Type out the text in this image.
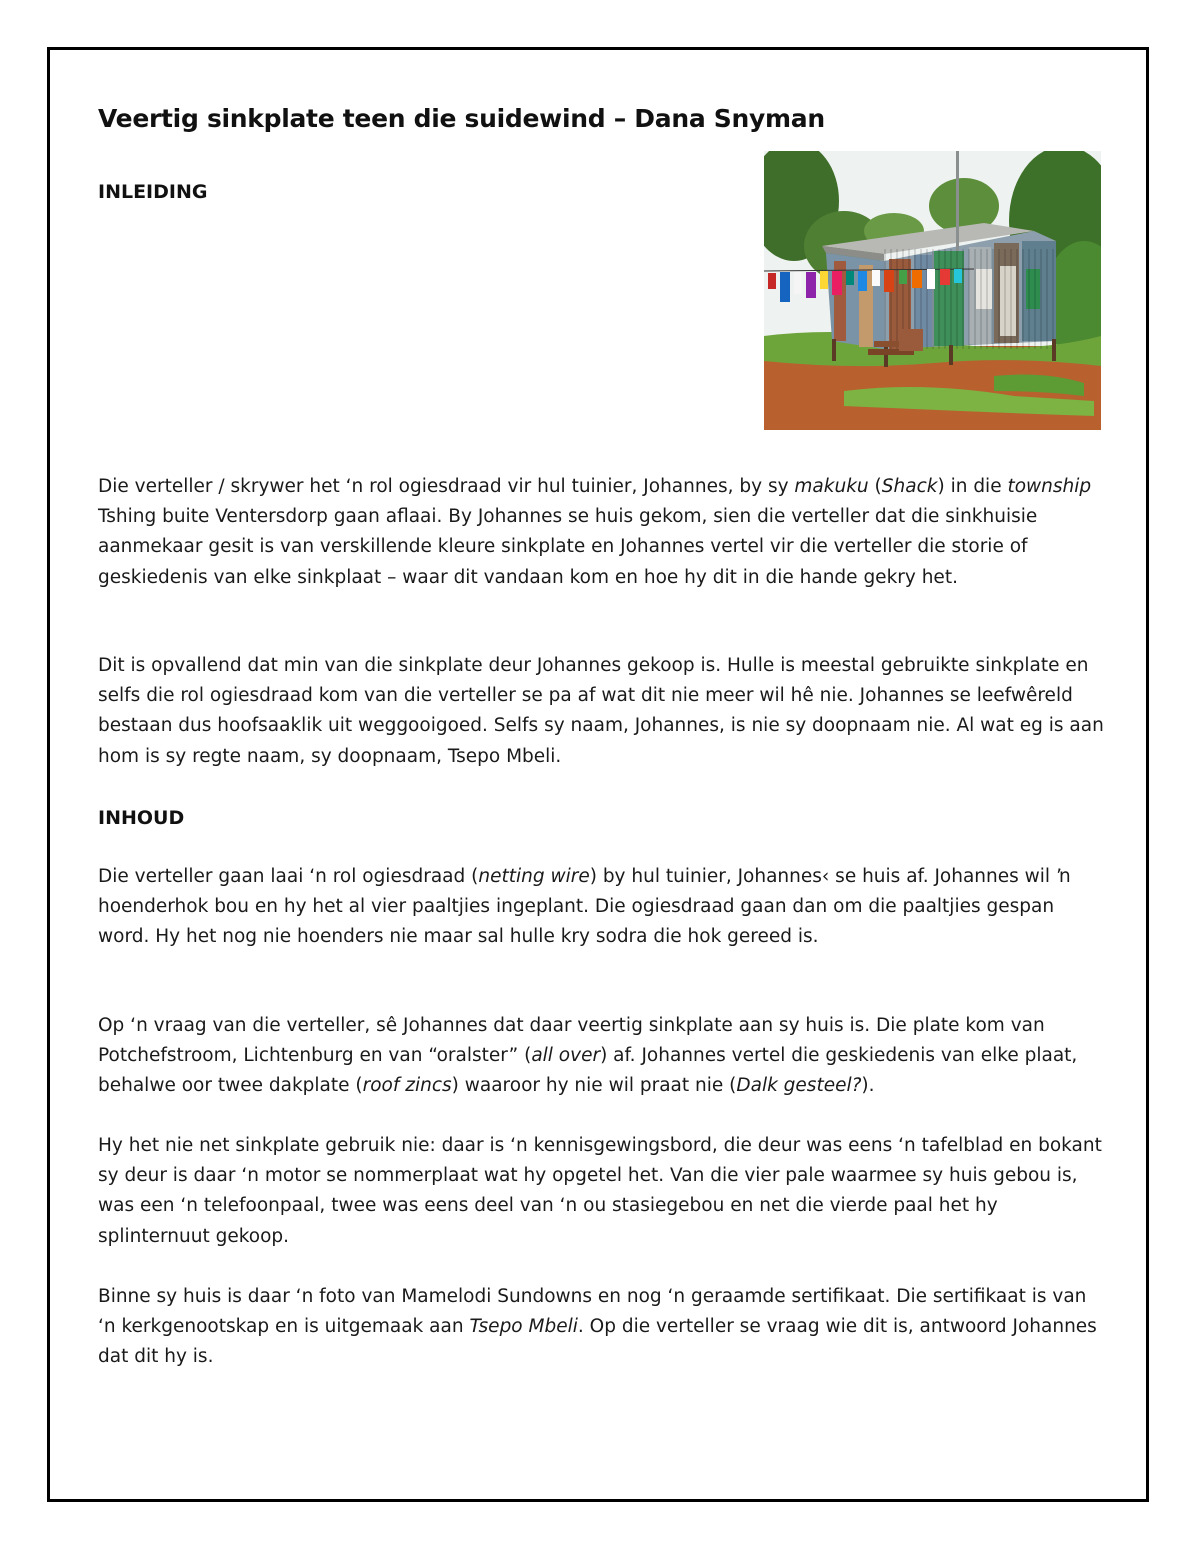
Veertig sinkplate teen die suidewind – Dana Snyman
INLEIDING

Die verteller / skrywer het ‘n rol ogiesdraad vir hul tuinier, Johannes, by sy makuku (Shack) in die township Tshing buite Ventersdorp gaan aflaai. By Johannes se huis gekom, sien die verteller dat die sinkhuisie aanmekaar gesit is van verskillende kleure sinkplate en Johannes vertel vir die verteller die storie of geskiedenis van elke sinkplaat – waar dit vandaan kom en hoe hy dit in die hande gekry het.

Dit is opvallend dat min van die sinkplate deur Johannes gekoop is. Hulle is meestal gebruikte sinkplate en selfs die rol ogiesdraad kom van die verteller se pa af wat dit nie meer wil hê nie. Johannes se leefwêreld bestaan dus hoofsaaklik uit weggooigoed. Selfs sy naam, Johannes, is nie sy doopnaam nie. Al wat eg is aan hom is sy regte naam, sy doopnaam, Tsepo Mbeli.

INHOUD

Die verteller gaan laai ‘n rol ogiesdraad (netting wire) by hul tuinier, Johannes‹ se huis af. Johannes wil ŉ hoenderhok bou en hy het al vier paaltjies ingeplant. Die ogiesdraad gaan dan om die paaltjies gespan word. Hy het nog nie hoenders nie maar sal hulle kry sodra die hok gereed is.

Op ‘n vraag van die verteller, sê Johannes dat daar veertig sinkplate aan sy huis is. Die plate kom van Potchefstroom, Lichtenburg en van “oralster” (all over) af. Johannes vertel die geskiedenis van elke plaat, behalwe oor twee dakplate (roof zincs) waaroor hy nie wil praat nie (Dalk gesteel?).

Hy het nie net sinkplate gebruik nie: daar is ‘n kennisgewingsbord, die deur was eens ‘n tafelblad en bokant sy deur is daar ‘n motor se nommerplaat wat hy opgetel het. Van die vier pale waarmee sy huis gebou is, was een ‘n telefoonpaal, twee was eens deel van ‘n ou stasiegebou en net die vierde paal het hy splinternuut gekoop.

Binne sy huis is daar ‘n foto van Mamelodi Sundowns en nog ‘n geraamde sertifikaat. Die sertifikaat is van ‘n kerkgenootskap en is uitgemaak aan Tsepo Mbeli. Op die verteller se vraag wie dit is, antwoord Johannes dat dit hy is.
